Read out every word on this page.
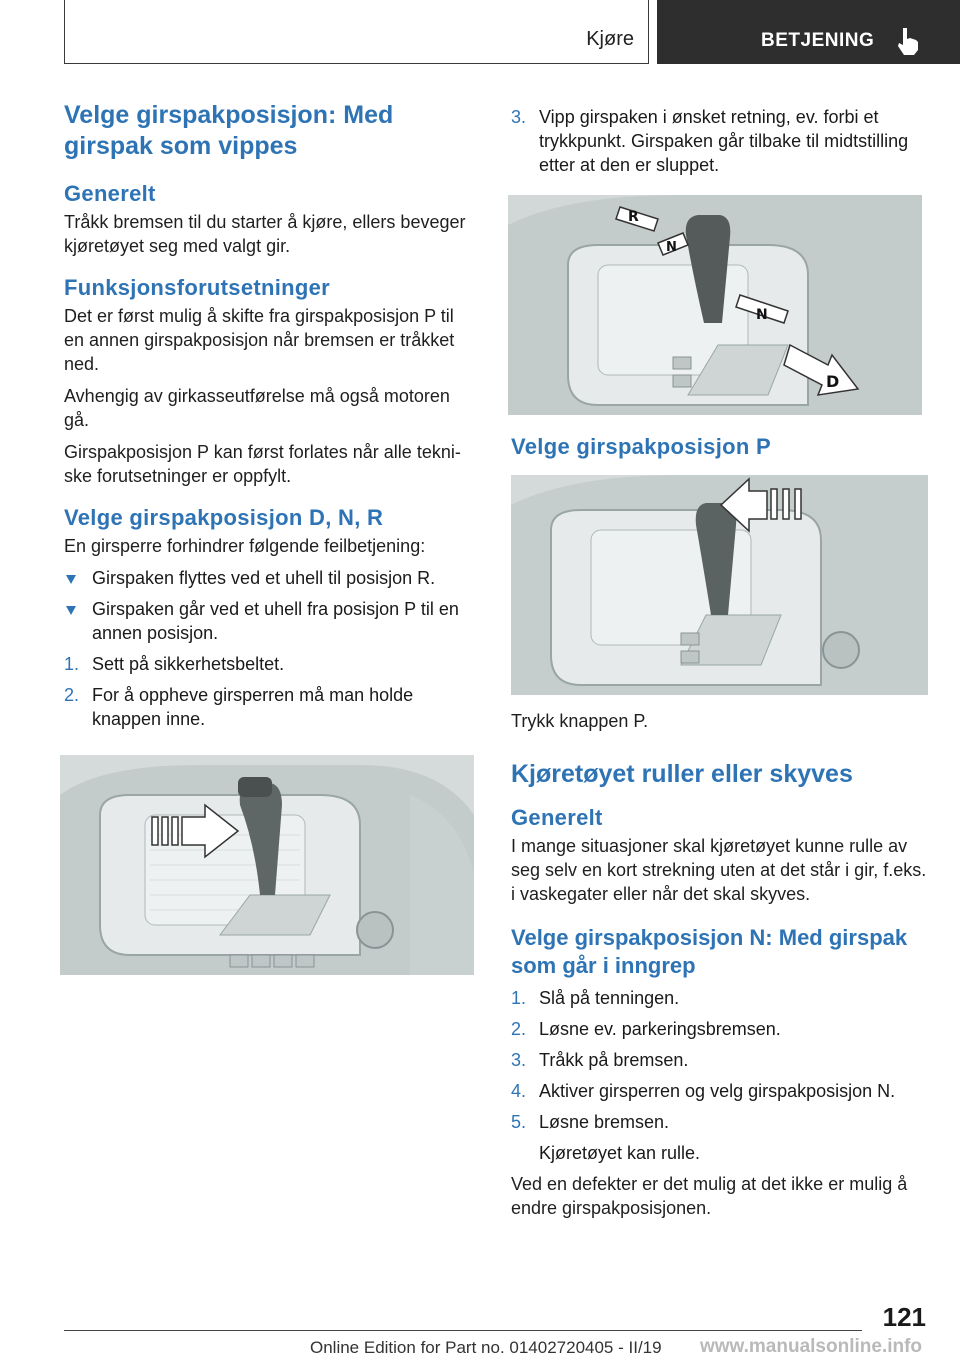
Kjøre	BETJENING
Velge girspakposisjon: Med girspak som vippes
Generelt

Tråkk bremsen til du starter å kjøre, ellers beveger kjøretøyet seg med valgt gir.

Funksjonsforutsetninger

Det er først mulig å skifte fra girspakposisjon P til en annen girspakposisjon når bremsen er tråkket ned.

Avhengig av girkasseutførelse må også motoren gå.

Girspakposisjon P kan først forlates når alle tekniske forutsetninger er oppfylt.

Velge girspakposisjon D, N, R

En girsperre forhindrer følgende feilbetjening:

Girspaken flyttes ved et uhell til posisjon R.
Girspaken går ved et uhell fra posisjon P til en annen posisjon.
1. Sett på sikkerhetsbeltet.
2. For å oppheve girsperren må man holde knappen inne.
3. Vipp girspaken i ønsket retning, ev. forbi et trykkpunkt. Girspaken går tilbake til midtstilling etter at den er sluppet.
R
N
N
D
Velge girspakposisjon P

Trykk knappen P.

Kjøretøyet ruller eller skyves
Generelt

I mange situasjoner skal kjøretøyet kunne rulle av seg selv en kort strekning uten at det står i gir, f.eks. i vaskegater eller når det skal skyves.

Velge girspakposisjon N: Med girspak som går i inngrep
1. Slå på tenningen.
2. Løsne ev. parkeringsbremsen.
3. Tråkk på bremsen.
4. Aktiver girsperren og velg girspakposisjon N.
5. Løsne bremsen.
Kjøretøyet kan rulle.

Ved en defekter er det mulig at det ikke er mulig å endre girspakposisjonen.

121
Online Edition for Part no. 01402720405 - II/19 www.manualsonline.info
